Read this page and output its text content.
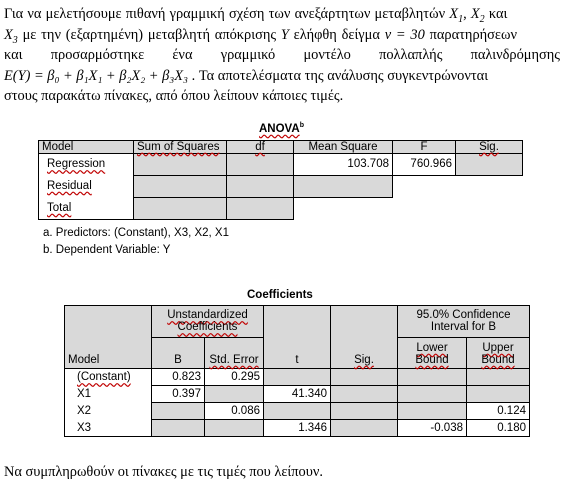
Για να μελετήσουμε πιθανή γραμμική σχέση των ανεξάρτητων μεταβλητών $X_1$, $X_2$ και
$X_3$ με την (εξαρτημένη) μεταβλητή απόκρισης Y ελήφθη δείγμα ν = 30 παρατηρήσεων
και προσαρμόστηκε ένα γραμμικό μοντέλο πολλαπλής παλινδρόμησης
E(Y) = β₀ + β₁X₁ + β₂X₂ + β₃X₃ . Τα αποτελέσματα της ανάλυσης συγκεντρώνονται
στους παρακάτω πίνακες, από όπου λείπουν κάποιες τιμές.
ANOVA$^b$
Model	Sum of Squares	df	Mean Square	F	Sig.
Regression			103.708	760.966	
Residual					
Total					
a. Predictors: (Constant), X3, X2, X1
b. Dependent Variable: Y
Coefficients
Model	Unstandardized Coefficients		t	Sig.	95.0% Confidence Interval for B	
	B	Std. Error			Lower Bound	Upper Bound
(Constant)	0.823	0.295				
X1	0.397		41.340			
X2		0.086				0.124
X3			1.346		-0.038	0.180
Να συμπληρωθούν οι πίνακες με τις τιμές που λείπουν.
